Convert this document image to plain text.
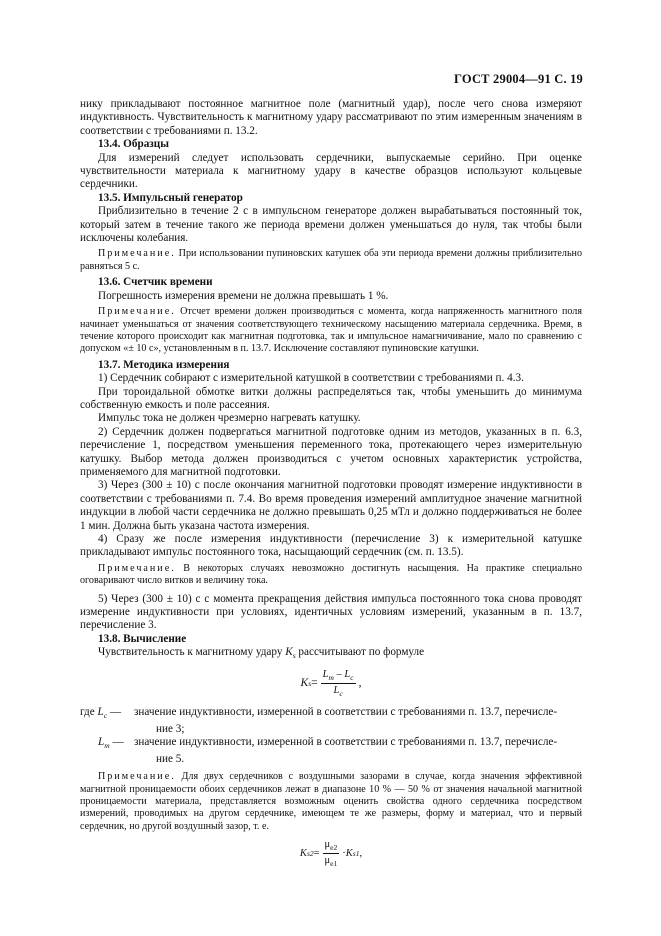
ГОСТ 29004—91 С. 19

нику прикладывают постоянное магнитное поле (магнитный удар), после чего снова измеряют индуктивность. Чувствительность к магнитному удару рассматривают по этим измеренным значениям в соответствии с требованиями п. 13.2.

13.4. Образцы

Для измерений следует использовать сердечники, выпускаемые серийно. При оценке чувствительности материала к магнитному удару в качестве образцов используют кольцевые сердечники.

13.5. Импульсный генератор

Приблизительно в течение 2 с в импульсном генераторе должен вырабатываться постоянный ток, который затем в течение такого же периода времени должен уменьшаться до нуля, так чтобы были исключены колебания.

Примечание. При использовании пупиновских катушек оба эти периода времени должны приблизительно равняться 5 с.

13.6. Счетчик времени

Погрешность измерения времени не должна превышать 1 %.

Примечание. Отсчет времени должен производиться с момента, когда напряженность магнитного поля начинает уменьшаться от значения соответствующего техническому насыщению материала сердечника. Время, в течение которого происходит как магнитная подготовка, так и импульсное намагничивание, мало по сравнению с допуском «± 10 с», установленным в п. 13.7. Исключение составляют пупиновские катушки.

13.7. Методика измерения

1) Сердечник собирают с измерительной катушкой в соответствии с требованиями п. 4.3.

При тороидальной обмотке витки должны распределяться так, чтобы уменьшить до минимума собственную емкость и поле рассеяния.

Импульс тока не должен чрезмерно нагревать катушку.

2) Сердечник должен подвергаться магнитной подготовке одним из методов, указанных в п. 6.3, перечисление 1, посредством уменьшения переменного тока, протекающего через измерительную катушку. Выбор метода должен производиться с учетом основных характеристик устройства, применяемого для магнитной подготовки.

3) Через (300 ± 10) с после окончания магнитной подготовки проводят измерение индуктивности в соответствии с требованиями п. 7.4. Во время проведения измерений амплитудное значение магнитной индукции в любой части сердечника не должно превышать 0,25 мТл и должно поддерживаться не более 1 мин. Должна быть указана частота измерения.

4) Сразу же после измерения индуктивности (перечисление 3) к измерительной катушке прикладывают импульс постоянного тока, насыщающий сердечник (см. п. 13.5).

Примечание. В некоторых случаях невозможно достигнуть насыщения. На практике специально оговаривают число витков и величину тока.

5) Через (300 ± 10) с с момента прекращения действия импульса постоянного тока снова проводят измерение индуктивности при условиях, идентичных условиям измерений, указанным в п. 13.7, перечисление 3.

13.8. Вычисление

Чувствительность к магнитному удару $K_s$ рассчитывают по формуле

K $s = \frac{L_m - L_c}{L_c}$ ,
где $L_c$ —	значение индуктивности, измеренной в соответствии с требованиями п. 13.7, перечисле-

ние 3;

$L_m$ — значение индуктивности, измеренной в соответствии с требованиями п. 13.7, перечисле-

ние 5.

Примечание. Для двух сердечников с воздушными зазорами в случае, когда значения эффективной магнитной проницаемости обоих сердечников лежат в диапазоне 10 % — 50 % от значения начальной магнитной проницаемости материала, представляется возможным оценить свойства одного сердечника посредством измерений, проводимых на другом сердечнике, имеющем те же размеры, форму и материал, что и первый сердечник, но другой воздушный зазор, т. е.

K $s2 = \frac{\mu_{e2}}{\mu_{e1}} \cdot K$ s1 ,
